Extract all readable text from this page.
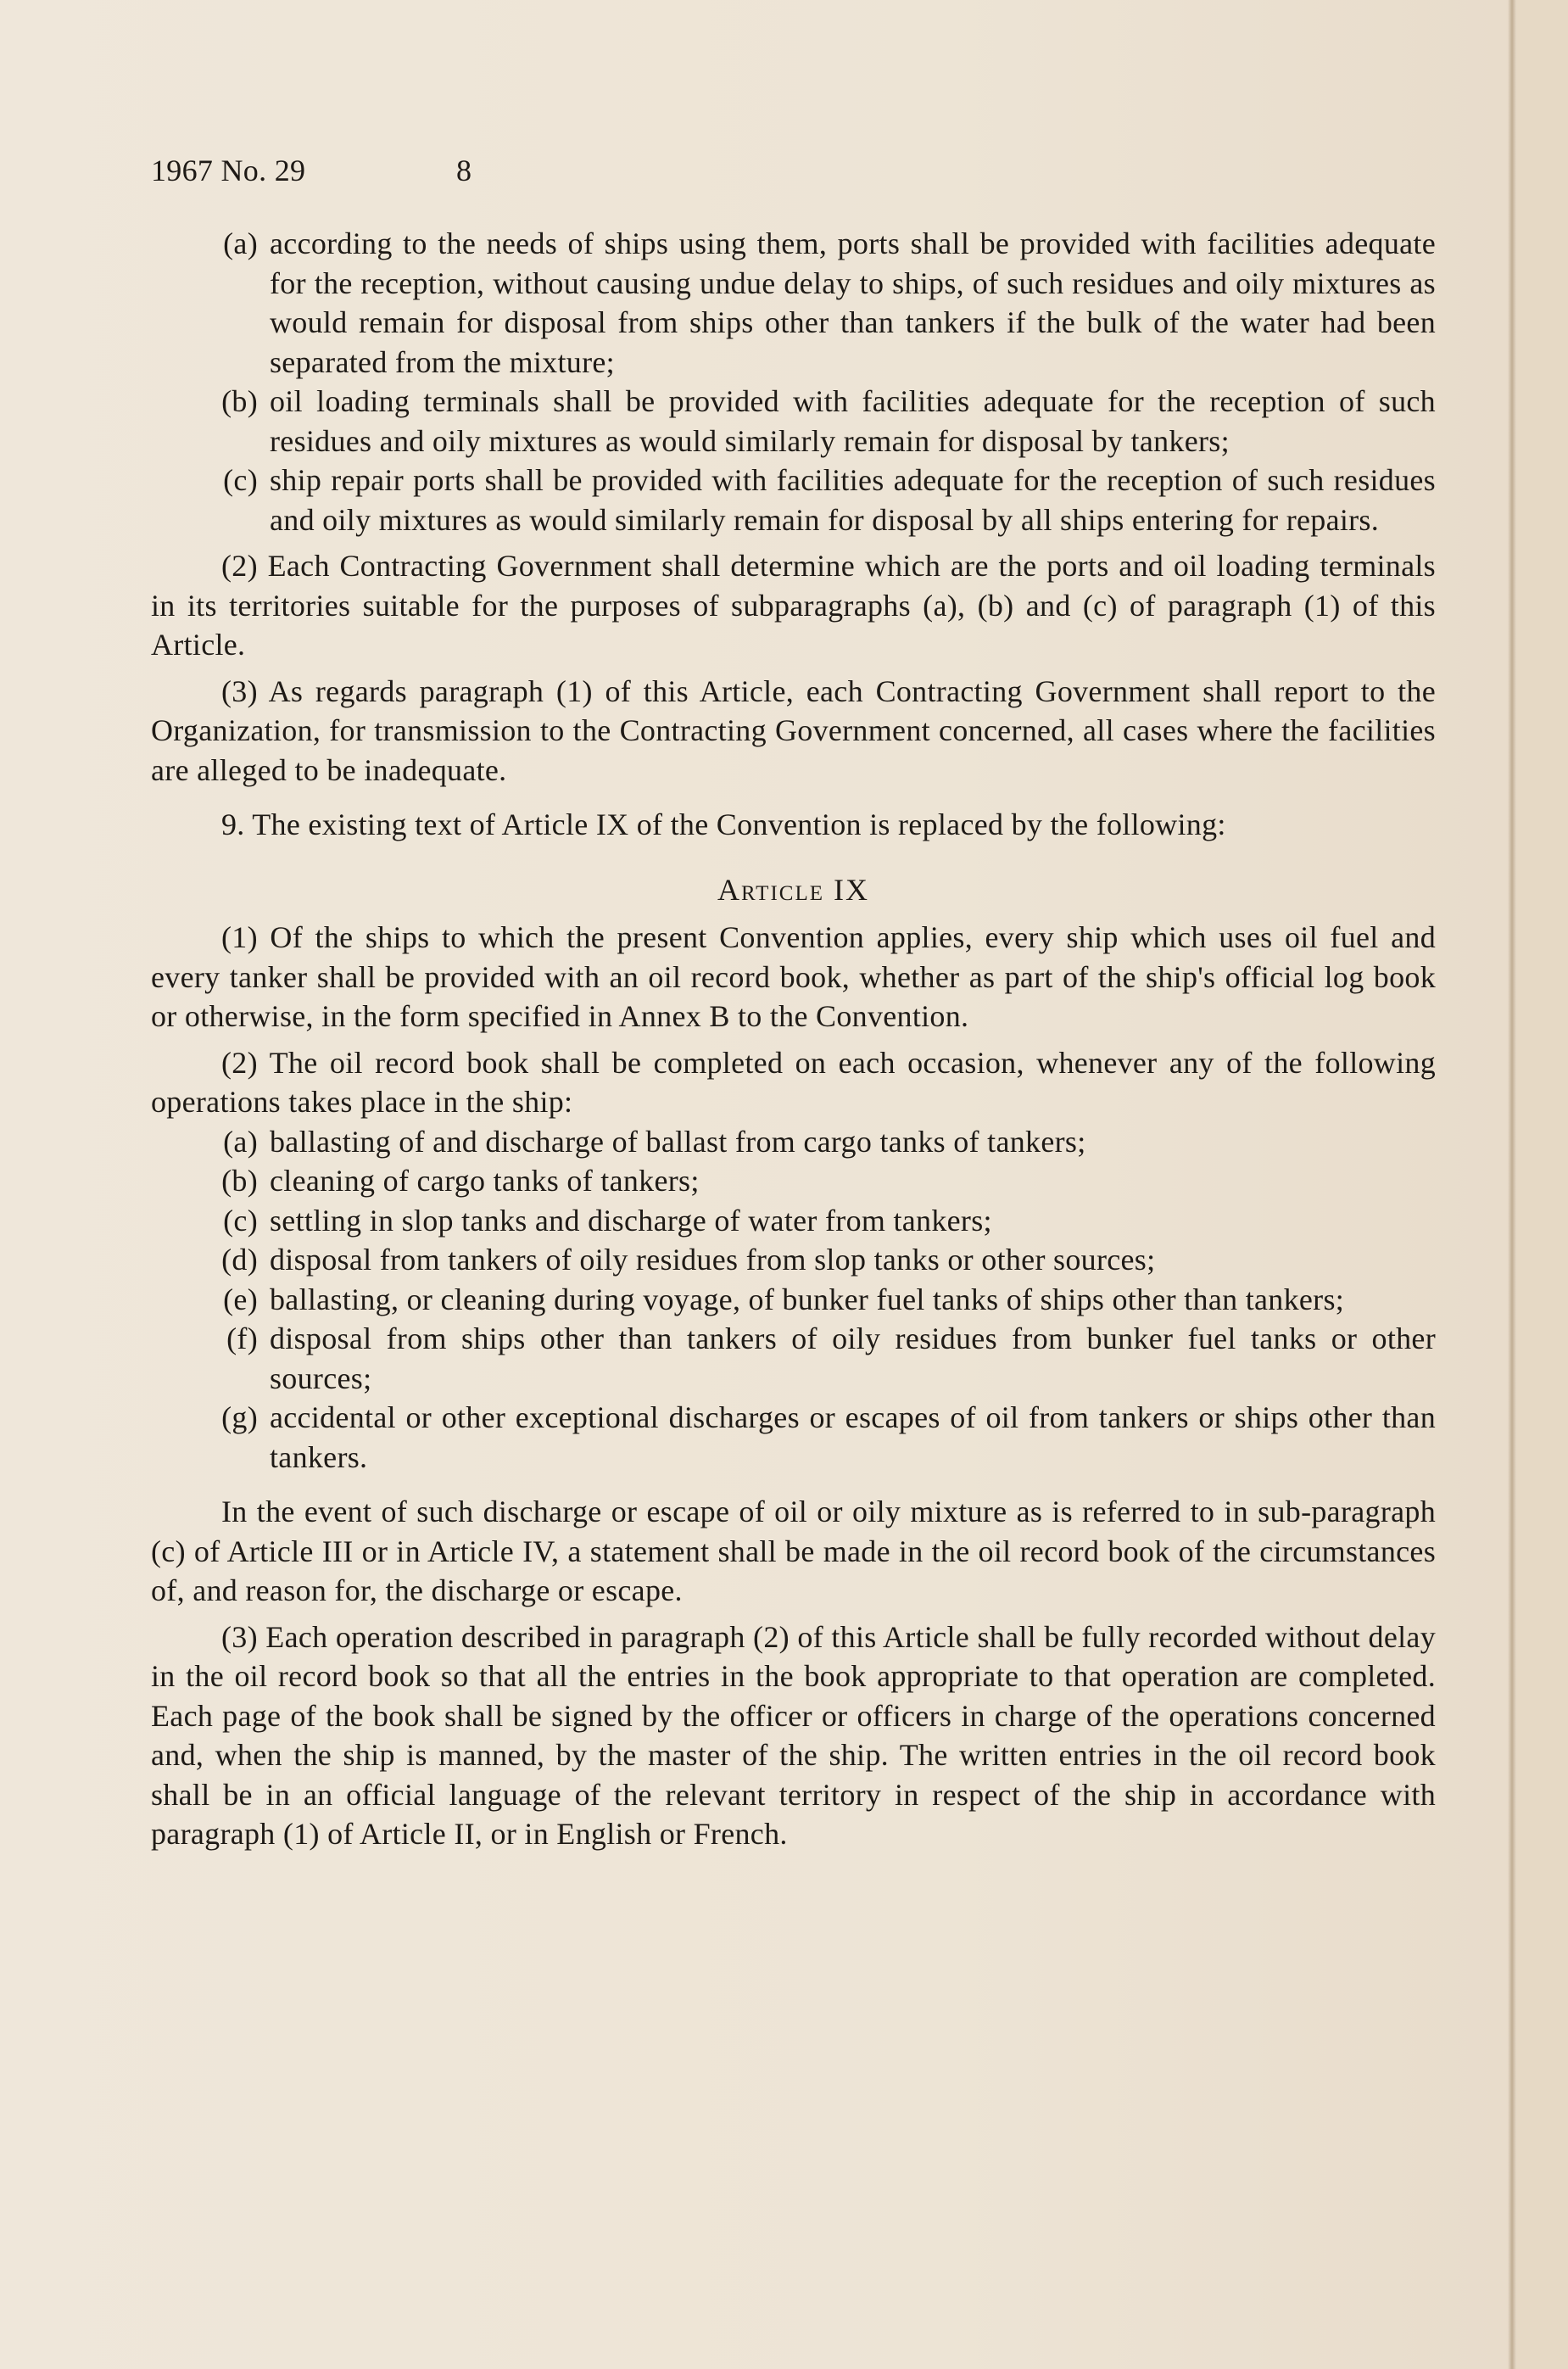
1967 No. 29	8
(a) according to the needs of ships using them, ports shall be provided with facilities adequate for the reception, without causing undue delay to ships, of such residues and oily mixtures as would remain for disposal from ships other than tankers if the bulk of the water had been separated from the mixture;
(b) oil loading terminals shall be provided with facilities adequate for the reception of such residues and oily mixtures as would similarly remain for disposal by tankers;
(c) ship repair ports shall be provided with facilities adequate for the reception of such residues and oily mixtures as would similarly remain for disposal by all ships entering for repairs.

(2) Each Contracting Government shall determine which are the ports and oil loading terminals in its territories suitable for the purposes of subparagraphs (a), (b) and (c) of paragraph (1) of this Article.

(3) As regards paragraph (1) of this Article, each Contracting Government shall report to the Organization, for transmission to the Contracting Government concerned, all cases where the facilities are alleged to be inadequate.

9. The existing text of Article IX of the Convention is replaced by the following:

Article IX

(1) Of the ships to which the present Convention applies, every ship which uses oil fuel and every tanker shall be provided with an oil record book, whether as part of the ship's official log book or otherwise, in the form specified in Annex B to the Convention.

(2) The oil record book shall be completed on each occasion, whenever any of the following operations takes place in the ship:

(a) ballasting of and discharge of ballast from cargo tanks of tankers;
(b) cleaning of cargo tanks of tankers;
(c) settling in slop tanks and discharge of water from tankers;
(d) disposal from tankers of oily residues from slop tanks or other sources;
(e) ballasting, or cleaning during voyage, of bunker fuel tanks of ships other than tankers;
(f) disposal from ships other than tankers of oily residues from bunker fuel tanks or other sources;
(g) accidental or other exceptional discharges or escapes of oil from tankers or ships other than tankers.

In the event of such discharge or escape of oil or oily mixture as is referred to in sub-paragraph (c) of Article III or in Article IV, a statement shall be made in the oil record book of the circumstances of, and reason for, the discharge or escape.

(3) Each operation described in paragraph (2) of this Article shall be fully recorded without delay in the oil record book so that all the entries in the book appropriate to that operation are completed. Each page of the book shall be signed by the officer or officers in charge of the operations concerned and, when the ship is manned, by the master of the ship. The written entries in the oil record book shall be in an official language of the relevant territory in respect of the ship in accordance with paragraph (1) of Article II, or in English or French.
